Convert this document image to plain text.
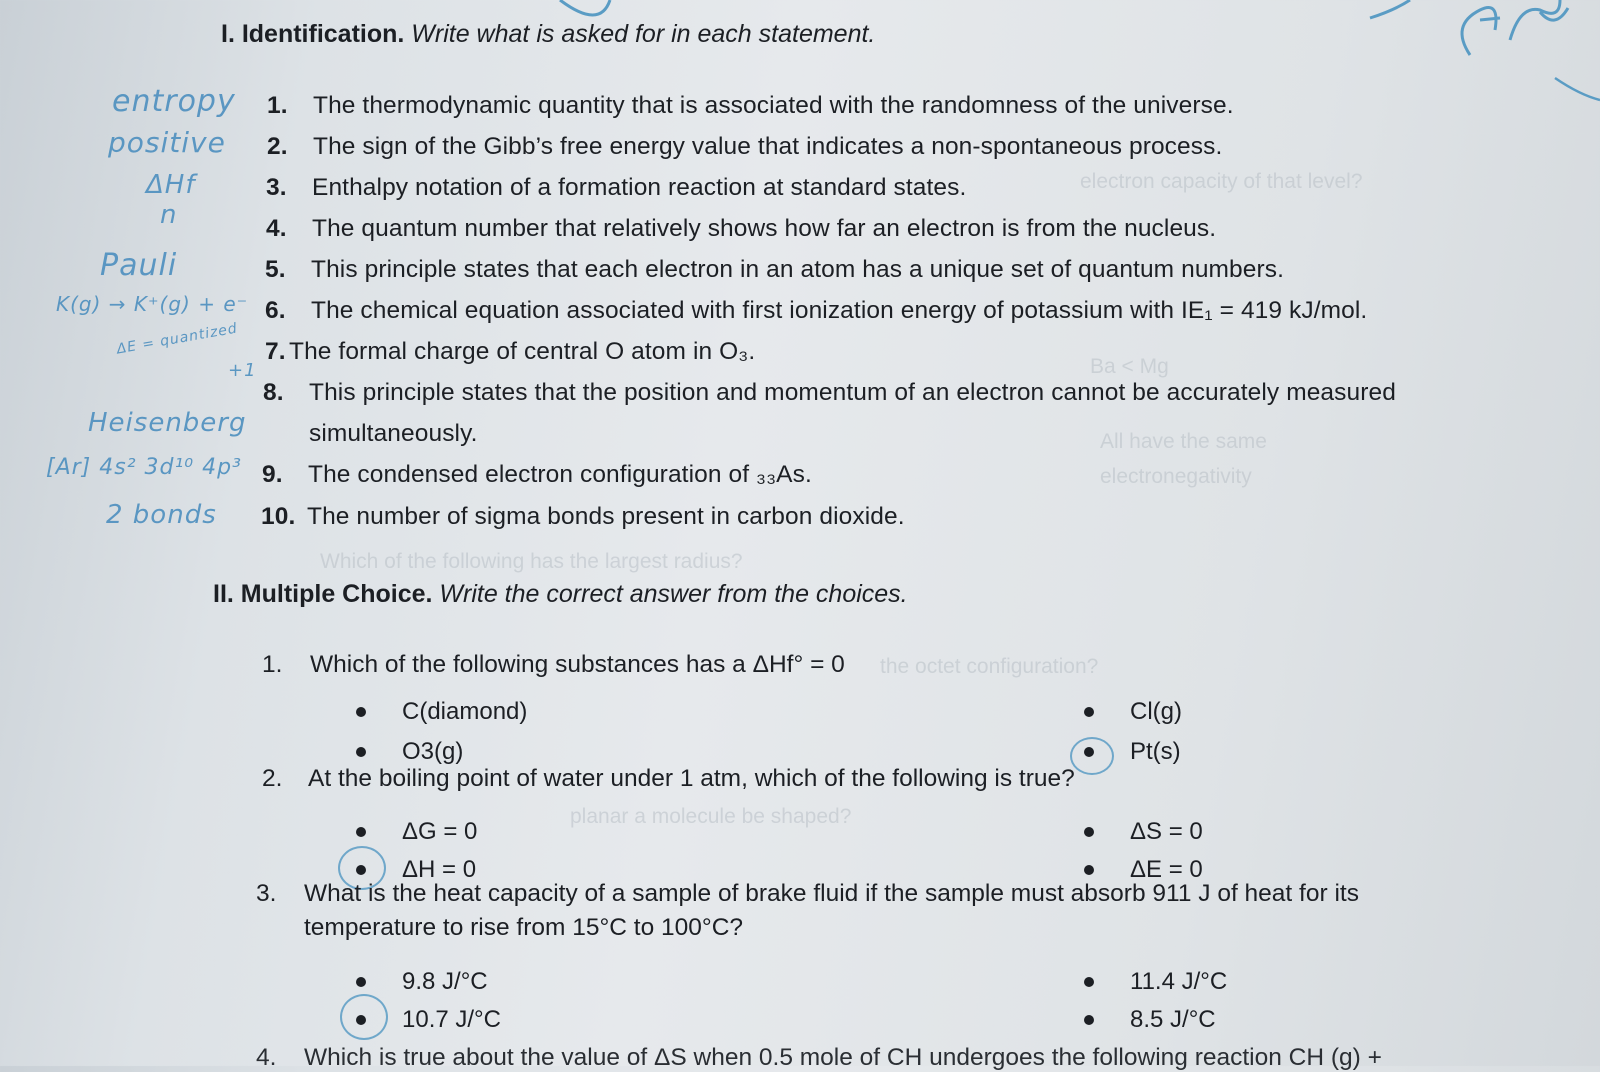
electron capacity of that level?
Ba < Mg
All have the same
electronegativity
Which of the following has the largest radius?
the octet configuration?
planar a molecule be shaped?
I. Identification. Write what is asked for in each statement.
1. The thermodynamic quantity that is associated with the randomness of the universe.
2. The sign of the Gibb’s free energy value that indicates a non-spontaneous process.
3. Enthalpy notation of a formation reaction at standard states.
4. The quantum number that relatively shows how far an electron is from the nucleus.
5. This principle states that each electron in an atom has a unique set of quantum numbers.
6. The chemical equation associated with first ionization energy of potassium with IE₁ = 419 kJ/mol.
7. The formal charge of central O atom in O₃.
8. This principle states that the position and momentum of an electron cannot be accurately measured
simultaneously.
9. The condensed electron configuration of ₃₃As.
10. The number of sigma bonds present in carbon dioxide.
entropy
positive
ΔHf
n
Pauli
K(g) → K⁺(g) + e⁻
ΔE = quantized
+1
Heisenberg
[Ar] 4s² 3d¹⁰ 4p³
2 bonds
II. Multiple Choice. Write the correct answer from the choices.
1. Which of the following substances has a ΔHf° = 0
C(diamond)	Cl(g)
O3(g)	Pt(s)
2. At the boiling point of water under 1 atm, which of the following is true?
ΔG = 0	ΔS = 0
ΔH = 0	ΔE = 0
3. What is the heat capacity of a sample of brake fluid if the sample must absorb 911 J of heat for its
temperature to rise from 15°C to 100°C?
9.8 J/°C	11.4 J/°C
10.7 J/°C	8.5 J/°C
4. Which is true about the value of ΔS when 0.5 mole of CH undergoes the following reaction CH (g) +
